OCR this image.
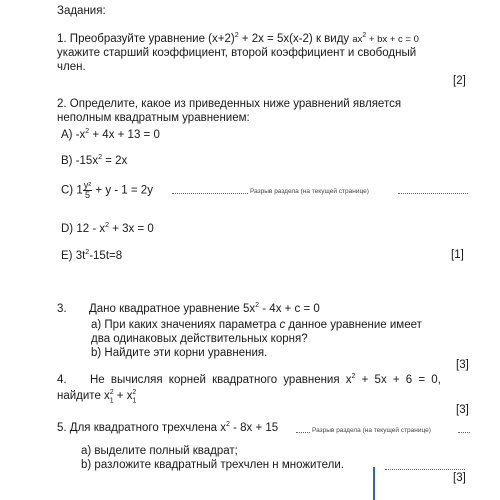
Задания:
1. Преобразуйте уравнение $(x+2)^2 + 2x = 5x(x-2)$ к виду $ax^2$ + bx + c = 0
укажите старший коэффициент, второй коэффициент и свободный
член.
[2]
2. Определите, какое из приведенных ниже уравнений является
неполным квадратным уравнением:
A) $-x^2 + 4x + 13 = 0$
B) $-15x^2 = 2x$
C) $1 \frac{\text{y²}}{5} + y - 1 = 2y$	Разрыв раздела (на текущей странице)
D) $12 - x^2 + 3x = 0$
E) $3t^2-15t=8$	[1]
3. Дано квадратное уравнение $5x^2 - 4x + c = 0$
a) При каких значениях параметра c данное уравнение имеет
два одинаковых действительных корня?
b) Найдите эти корни уравнения.
[3]
4. Не вычисляя корней квадратного уравнения $x^2 + 5x + 6 = 0$,
найдите $x_1^2 + x_1^2$
[3]
5. Для квадратного трехчлена $x^2 - 8x + 15$	Разрыв раздела (на текущей странице)
a) выделите полный квадрат;
b) разложите квадратный трехчлен н множители.
[3]
